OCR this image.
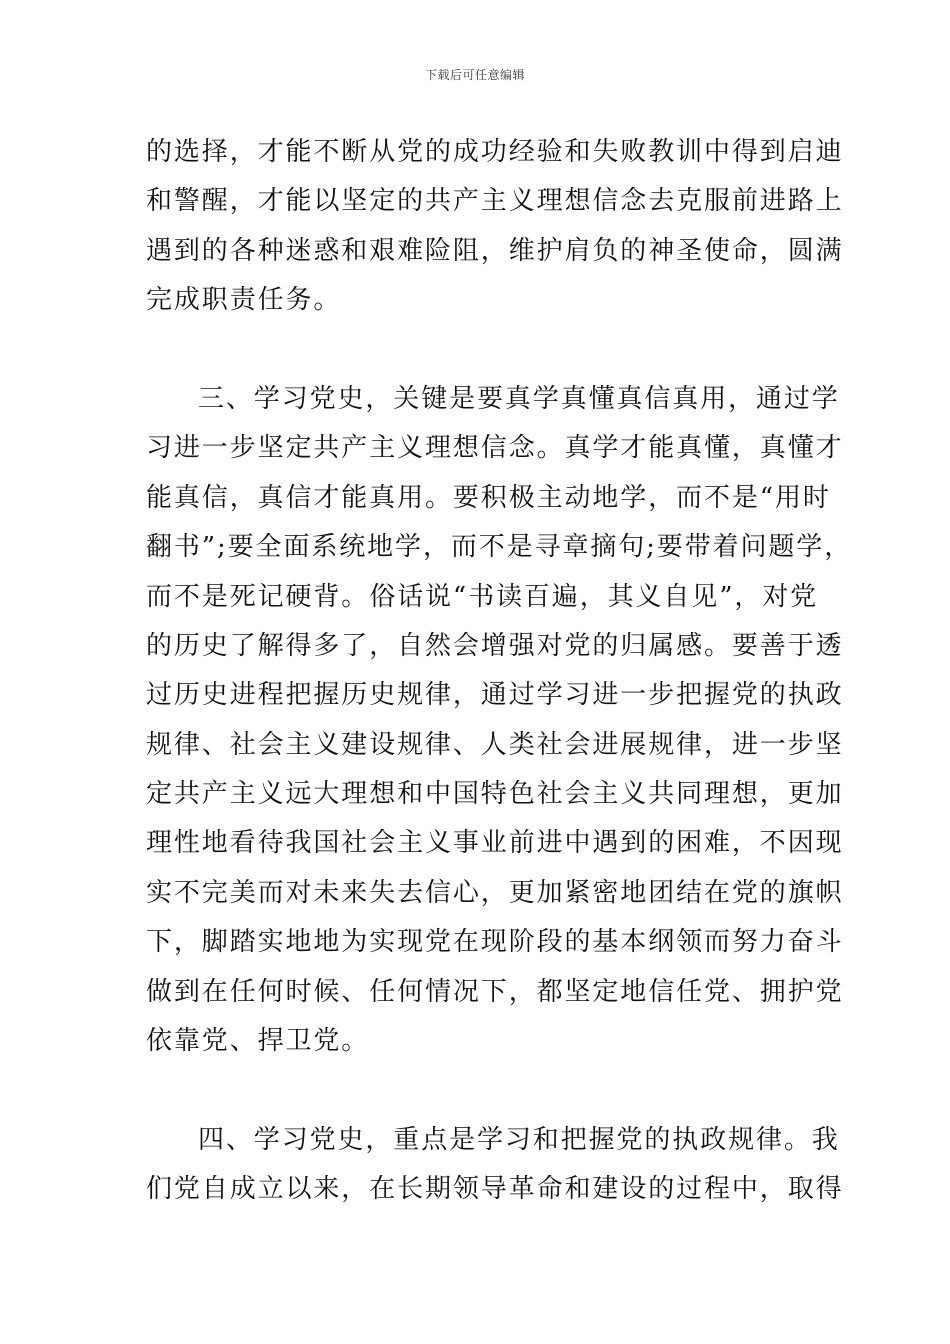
下载后可任意编辑
的选择，才能不断从党的成功经验和失败教训中得到启迪
和警醒，才能以坚定的共产主义理想信念去克服前进路上
遇到的各种迷惑和艰难险阻，维护肩负的神圣使命，圆满
完成职责任务。
三、学习党史，关键是要真学真懂真信真用，通过学
习进一步坚定共产主义理想信念。真学才能真懂，真懂才
能真信，真信才能真用。要积极主动地学，而不是“用时
翻书”;要全面系统地学，而不是寻章摘句;要带着问题学，
而不是死记硬背。俗话说“书读百遍，其义自见”，对党
的历史了解得多了，自然会增强对党的归属感。要善于透
过历史进程把握历史规律，通过学习进一步把握党的执政
规律、社会主义建设规律、人类社会进展规律，进一步坚
定共产主义远大理想和中国特色社会主义共同理想，更加
理性地看待我国社会主义事业前进中遇到的困难，不因现
实不完美而对未来失去信心，更加紧密地团结在党的旗帜
下，脚踏实地地为实现党在现阶段的基本纲领而努力奋斗
做到在任何时候、任何情况下，都坚定地信任党、拥护党
依靠党、捍卫党。
四、学习党史，重点是学习和把握党的执政规律。我
们党自成立以来，在长期领导革命和建设的过程中，取得
